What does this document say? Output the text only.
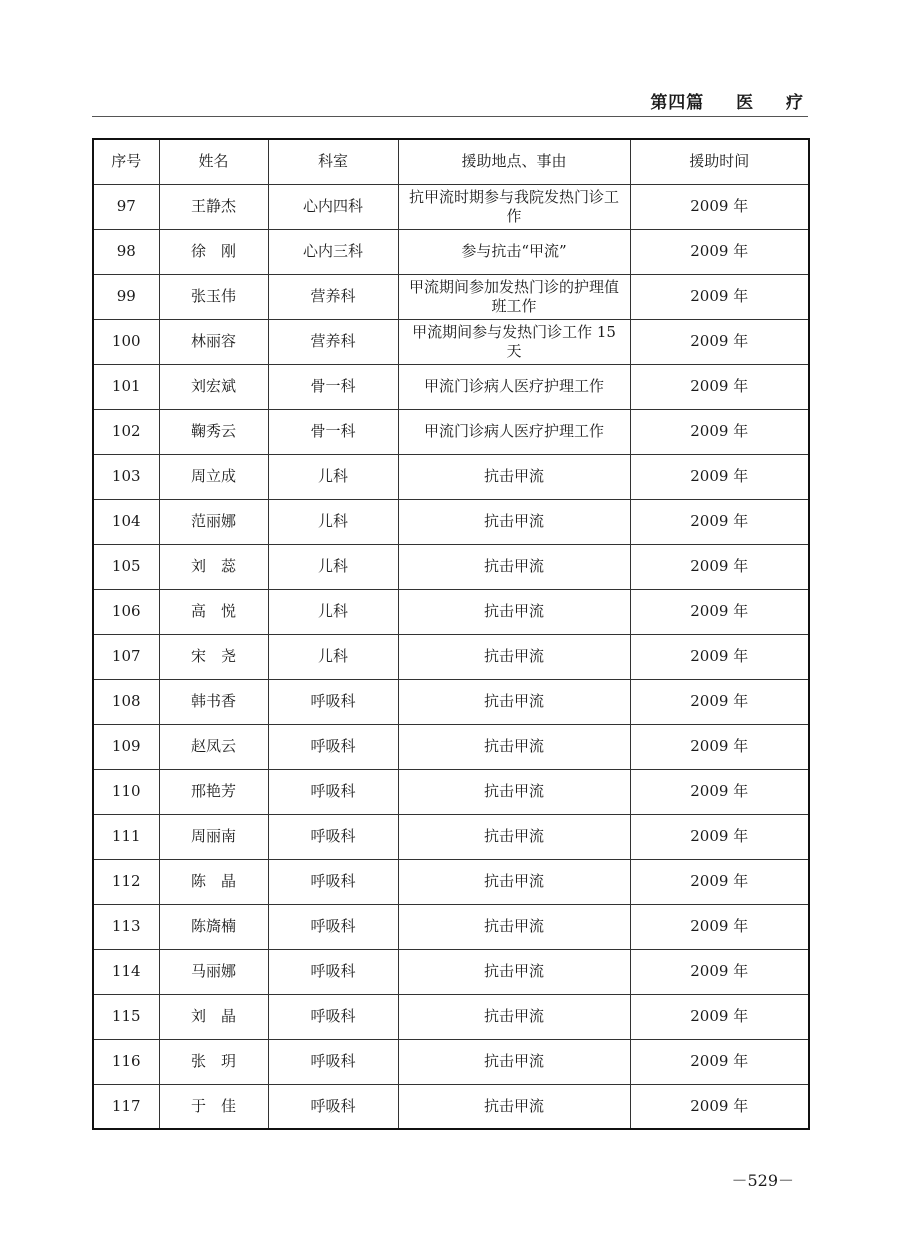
第四篇 医 疗
序号	姓名	科室	援助地点、事由	援助时间
97	王静杰	心内四科	抗甲流时期参与我院发热门诊工作	2009 年
98	徐　刚	心内三科	参与抗击“甲流”	2009 年
99	张玉伟	营养科	甲流期间参加发热门诊的护理值班工作	2009 年
100	林丽容	营养科	甲流期间参与发热门诊工作 15 天	2009 年
101	刘宏斌	骨一科	甲流门诊病人医疗护理工作	2009 年
102	鞠秀云	骨一科	甲流门诊病人医疗护理工作	2009 年
103	周立成	儿科	抗击甲流	2009 年
104	范丽娜	儿科	抗击甲流	2009 年
105	刘　蕊	儿科	抗击甲流	2009 年
106	高　悦	儿科	抗击甲流	2009 年
107	宋　尧	儿科	抗击甲流	2009 年
108	韩书香	呼吸科	抗击甲流	2009 年
109	赵凤云	呼吸科	抗击甲流	2009 年
110	邢艳芳	呼吸科	抗击甲流	2009 年
111	周丽南	呼吸科	抗击甲流	2009 年
112	陈　晶	呼吸科	抗击甲流	2009 年
113	陈旖楠	呼吸科	抗击甲流	2009 年
114	马丽娜	呼吸科	抗击甲流	2009 年
115	刘　晶	呼吸科	抗击甲流	2009 年
116	张　玥	呼吸科	抗击甲流	2009 年
117	于　佳	呼吸科	抗击甲流	2009 年
－529－
